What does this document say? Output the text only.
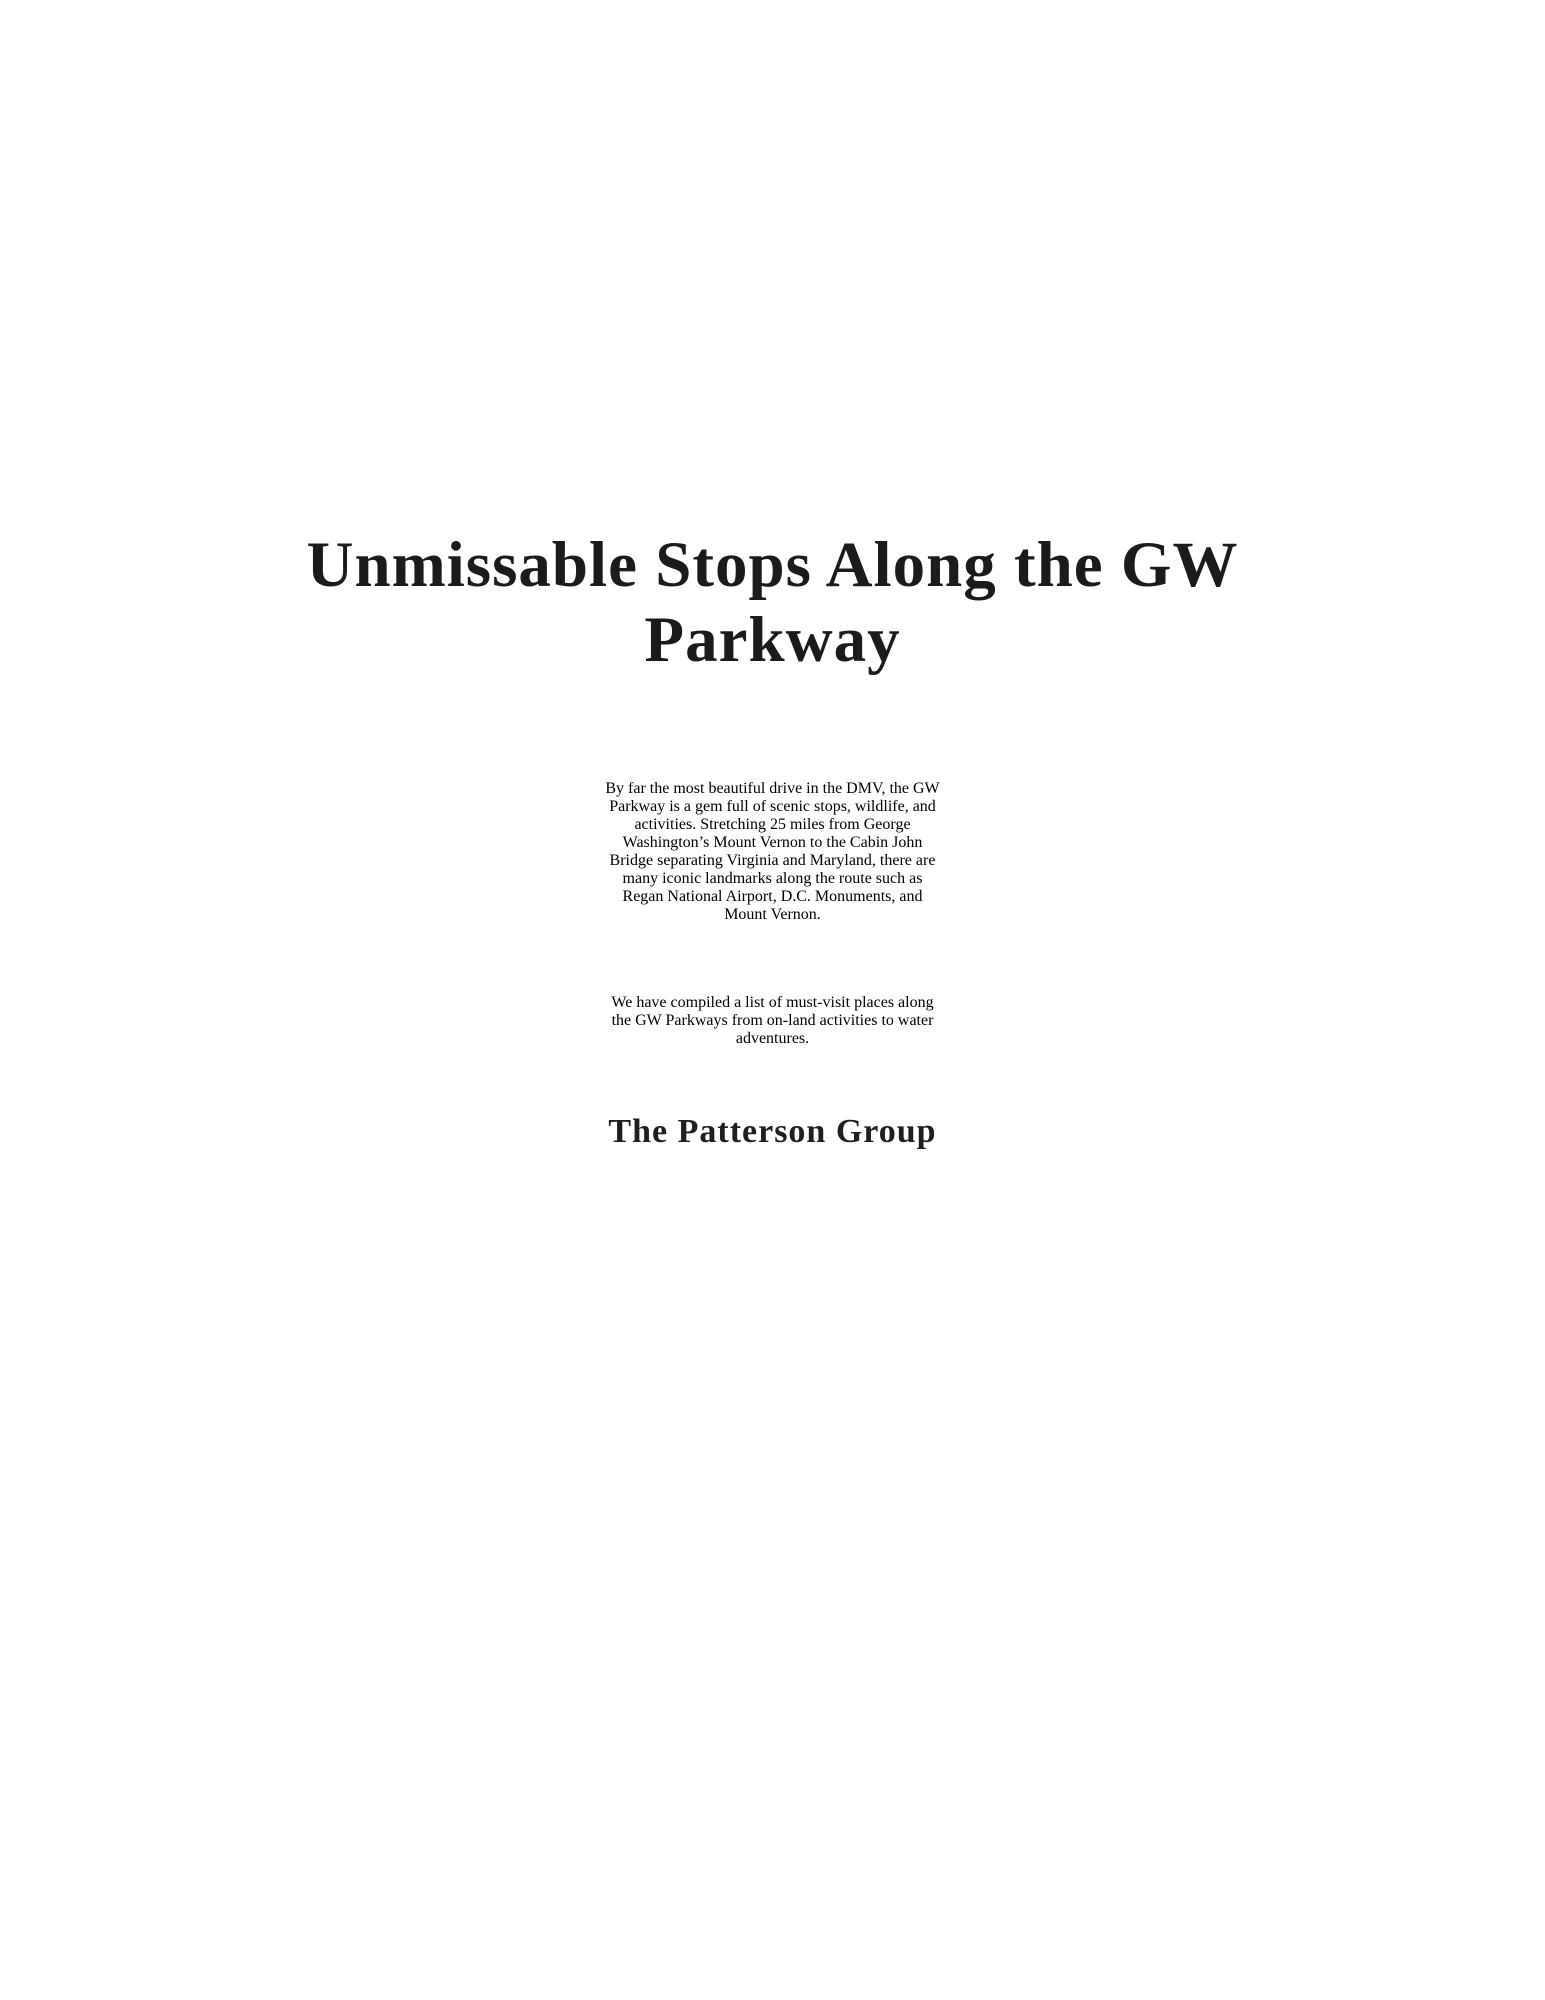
Unmissable Stops Along the GW
Parkway

By far the most beautiful drive in the DMV, the GW
Parkway is a gem full of scenic stops, wildlife, and
activities. Stretching 25 miles from George
Washington’s Mount Vernon to the Cabin John
Bridge separating Virginia and Maryland, there are
many iconic landmarks along the route such as
Regan National Airport, D.C. Monuments, and
Mount Vernon.

We have compiled a list of must-visit places along
the GW Parkways from on-land activities to water
adventures.

The Patterson Group
